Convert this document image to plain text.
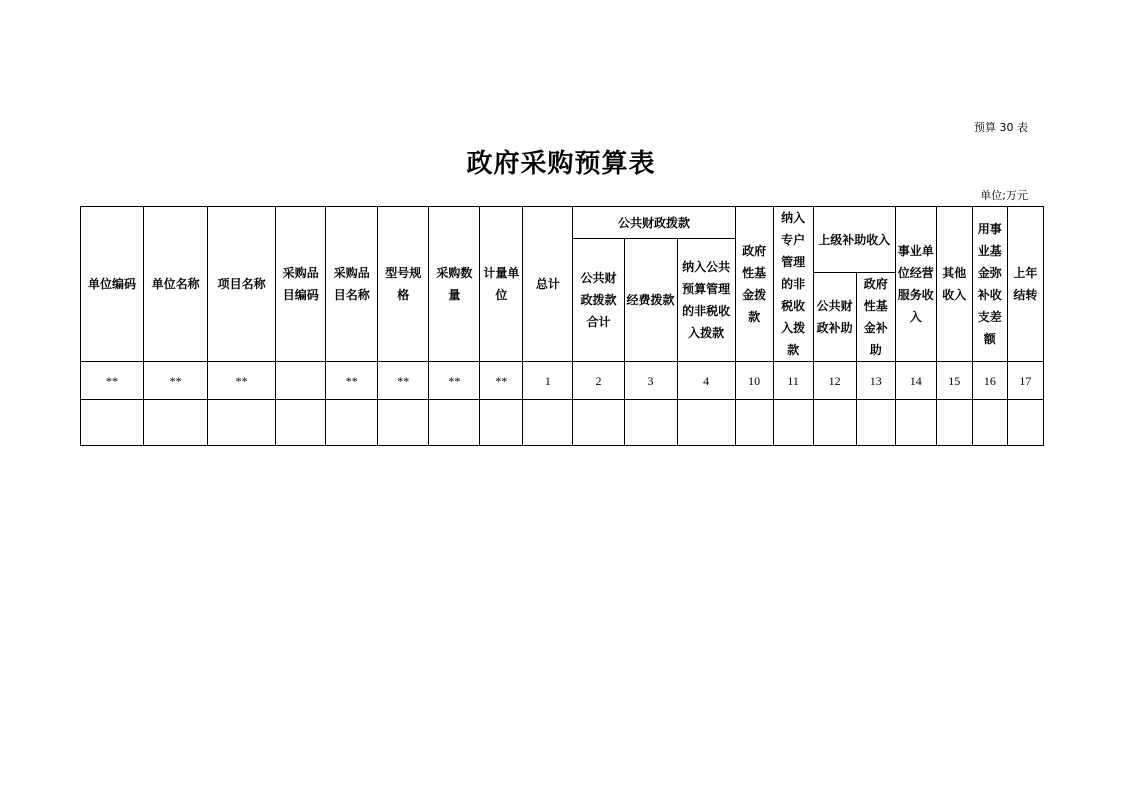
预算 30 表
政府采购预算表
单位;万元
单位编码	单位名称	项目名称	采购品目编码	采购品目名称	型号规格	采购数量	计量单位	总计	公共财政拨款			政府性基金拨款	纳入专户管理的非税收入拨款	上级补助收入		事业单位经营服务收入	其他收入	用事业基金弥补收支差额	上年结转
									公共财政拨款合计	经费拨款	纳入公共预算管理的非税收入拨款								
														公共财政补助	政府性基金补助				
**	**	**		**	**	**	**	1	2	3	4	10	11	12	13	14	15	16	17
